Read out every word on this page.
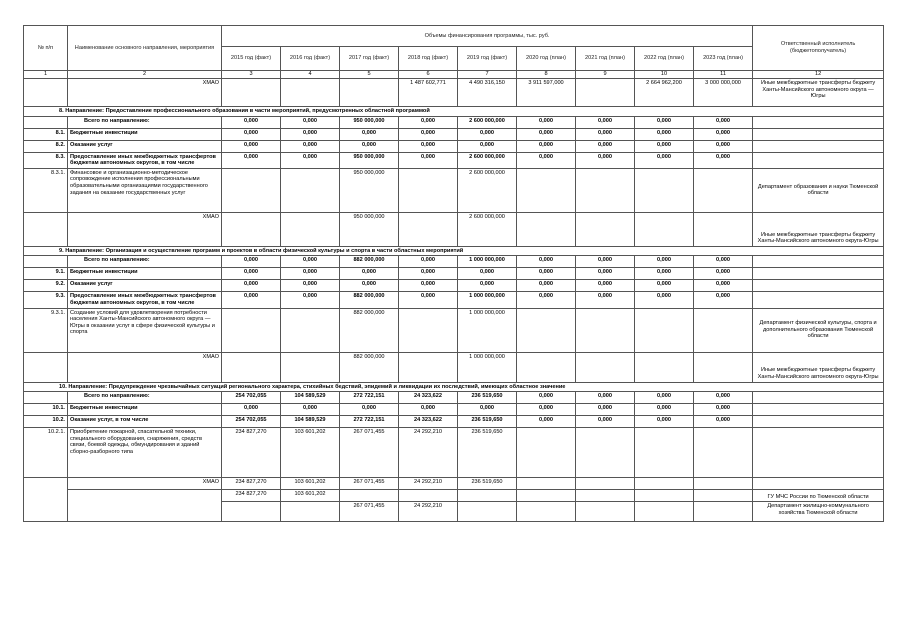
№ п/п	Наименование основного направления, мероприятия	Объемы финансирования программы, тыс. руб.									Ответственный исполнитель (бюджетополучатель)
		2015 год (факт)	2016 год (факт)	2017 год (факт)	2018 год (факт)	2019 год (факт)	2020 год (план)	2021 год (план)	2022 год (план)	2023 год (план)	
1	2	3	4	5	6	7	8	9	10	11	12
	ХМАО				1 487 602,771	4 490 316,150	3 911 597,000		2 664 962,200	3 000 000,000	Иные межбюджетные трансферты бюджету Ханты-Мансийского автономного округа — Югры
8. Направление: Предоставление профессионального образования в части мероприятий, предусмотренных областной программой											
	Всего по направлению:	0,000	0,000	950 000,000	0,000	2 600 000,000	0,000	0,000	0,000	0,000	
8.1.	Бюджетные инвестиции	0,000	0,000	0,000	0,000	0,000	0,000	0,000	0,000	0,000	
8.2.	Оказание услуг	0,000	0,000	0,000	0,000	0,000	0,000	0,000	0,000	0,000	
8.3.	Предоставление иных межбюджетных трансфертов бюджетам автономных округов, в том числе	0,000	0,000	950 000,000	0,000	2 600 000,000	0,000	0,000	0,000	0,000	
8.3.1.	Финансовое и организационно-методическое сопровождение исполнения профессиональными образовательными организациями государственного задания на оказание государственных услуг			950 000,000		2 600 000,000					Департамент образования и науки Тюменской области
	ХМАО			950 000,000		2 600 000,000					Иные межбюджетные трансферты бюджету Ханты-Мансийского автономного округа-Югры
9. Направление: Организация и осуществление программ и проектов в области физической культуры и спорта в части областных мероприятий											
	Всего по направлению:	0,000	0,000	882 000,000	0,000	1 000 000,000	0,000	0,000	0,000	0,000	
9.1.	Бюджетные инвестиции	0,000	0,000	0,000	0,000	0,000	0,000	0,000	0,000	0,000	
9.2.	Оказание услуг	0,000	0,000	0,000	0,000	0,000	0,000	0,000	0,000	0,000	
9.3.	Предоставление иных межбюджетных трансфертов бюджетам автономных округов, в том числе	0,000	0,000	882 000,000	0,000	1 000 000,000	0,000	0,000	0,000	0,000	
9.3.1.	Создание условий для удовлетворения потребности населения Ханты-Мансийского автономного округа — Югры в оказании услуг в сфере физической культуры и спорта			882 000,000		1 000 000,000					Департамент физической культуры, спорта и дополнительного образования Тюменской области
	ХМАО			882 000,000		1 000 000,000					Иные межбюджетные трансферты бюджету Ханты-Мансийского автономного округа-Югры
10. Направление: Предупреждение чрезвычайных ситуаций регионального характера, стихийных бедствий, эпидемий и ликвидации их последствий, имеющих областное значение											
	Всего по направлению:	254 702,055	104 589,529	272 722,151	24 323,622	236 519,650	0,000	0,000	0,000	0,000	
10.1.	Бюджетные инвестиции	0,000	0,000	0,000	0,000	0,000	0,000	0,000	0,000	0,000	
10.2.	Оказание услуг, в том числе	254 702,055	104 589,529	272 722,151	24 323,622	236 519,650	0,000	0,000	0,000	0,000	
10.2.1.	Приобретение пожарной, спасательной техники, специального оборудования, снаряжения, средств связи, боевой одежды, обмундирования и зданий сборно-разборного типа	234 827,270	103 601,202	267 071,455	24 292,210	236 519,650					
	ХМАО	234 827,270	103 601,202	267 071,455	24 292,210	236 519,650					
		234 827,270	103 601,202								ГУ МЧС России по Тюменской области
				267 071,455	24 292,210						Департамент жилищно-коммунального хозяйства Тюменской области
